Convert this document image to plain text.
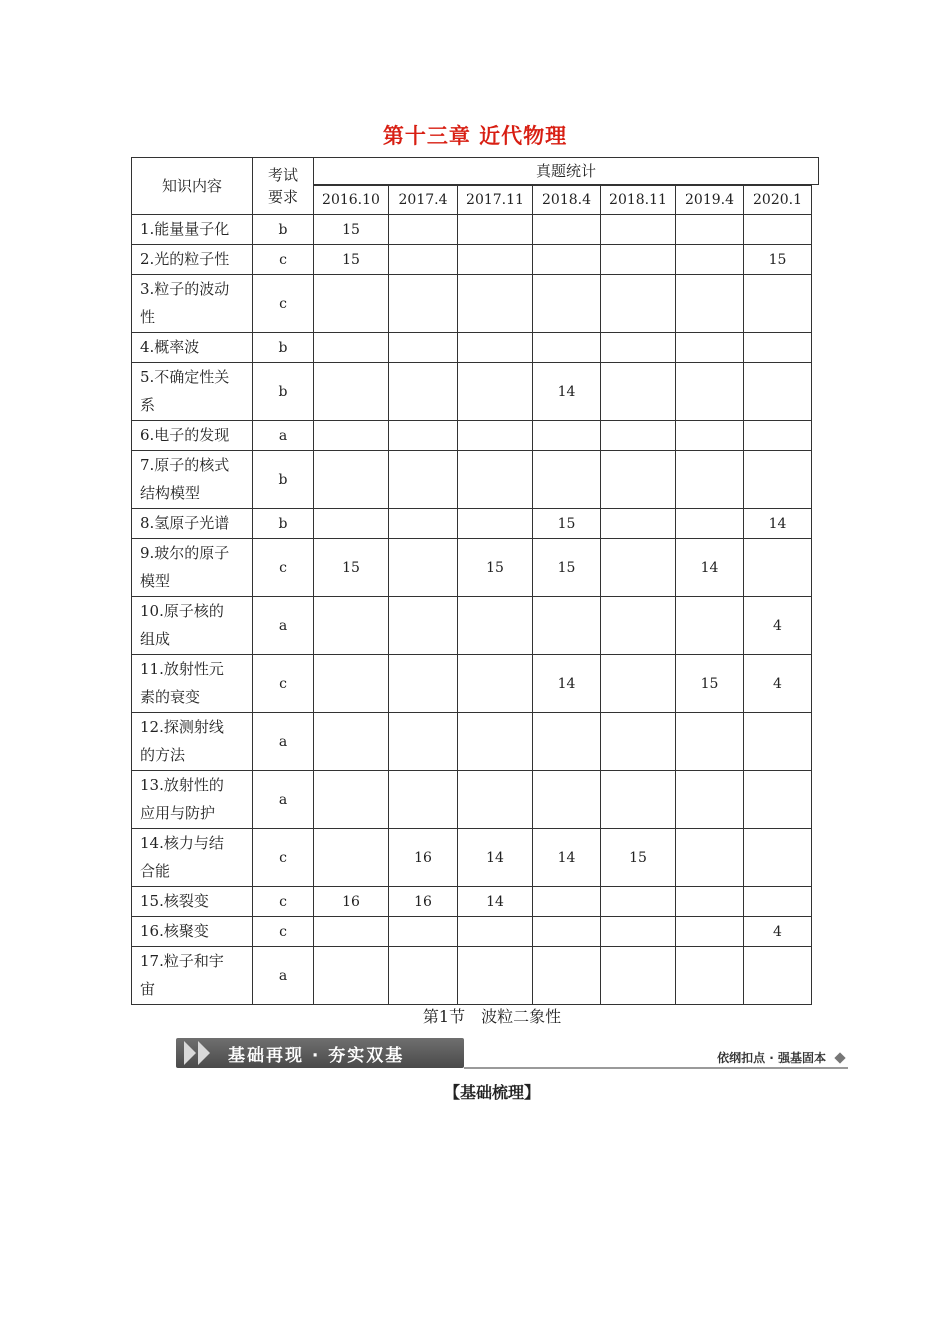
第十三章 近代物理
知识内容	考试
要求	真题统计						

		2016.10	2017.4	2017.11	2018.4	2018.11	2019.4	2020.1
1.能量量子化	b	15						
2.光的粒子性	c	15						15
3.粒子的波动
性	c							
4.概率波	b							
5.不确定性关
系	b				14			
6.电子的发现	a							
7.原子的核式
结构模型	b							
8.氢原子光谱	b				15			14
9.玻尔的原子
模型	c	15		15	15		14	
10.原子核的
组成	a							4
11.放射性元
素的衰变	c				14		15	4
12.探测射线
的方法	a							
13.放射性的
应用与防护	a							
14.核力与结
合能	c		16	14	14	15		
15.核裂变	c	16	16	14				
16.核聚变	c							4
17.粒子和宇
宙	a							
第1节　波粒二象性
基础再现 · 夯实双基	依纲扣点 · 强基固本
【基础梳理】
